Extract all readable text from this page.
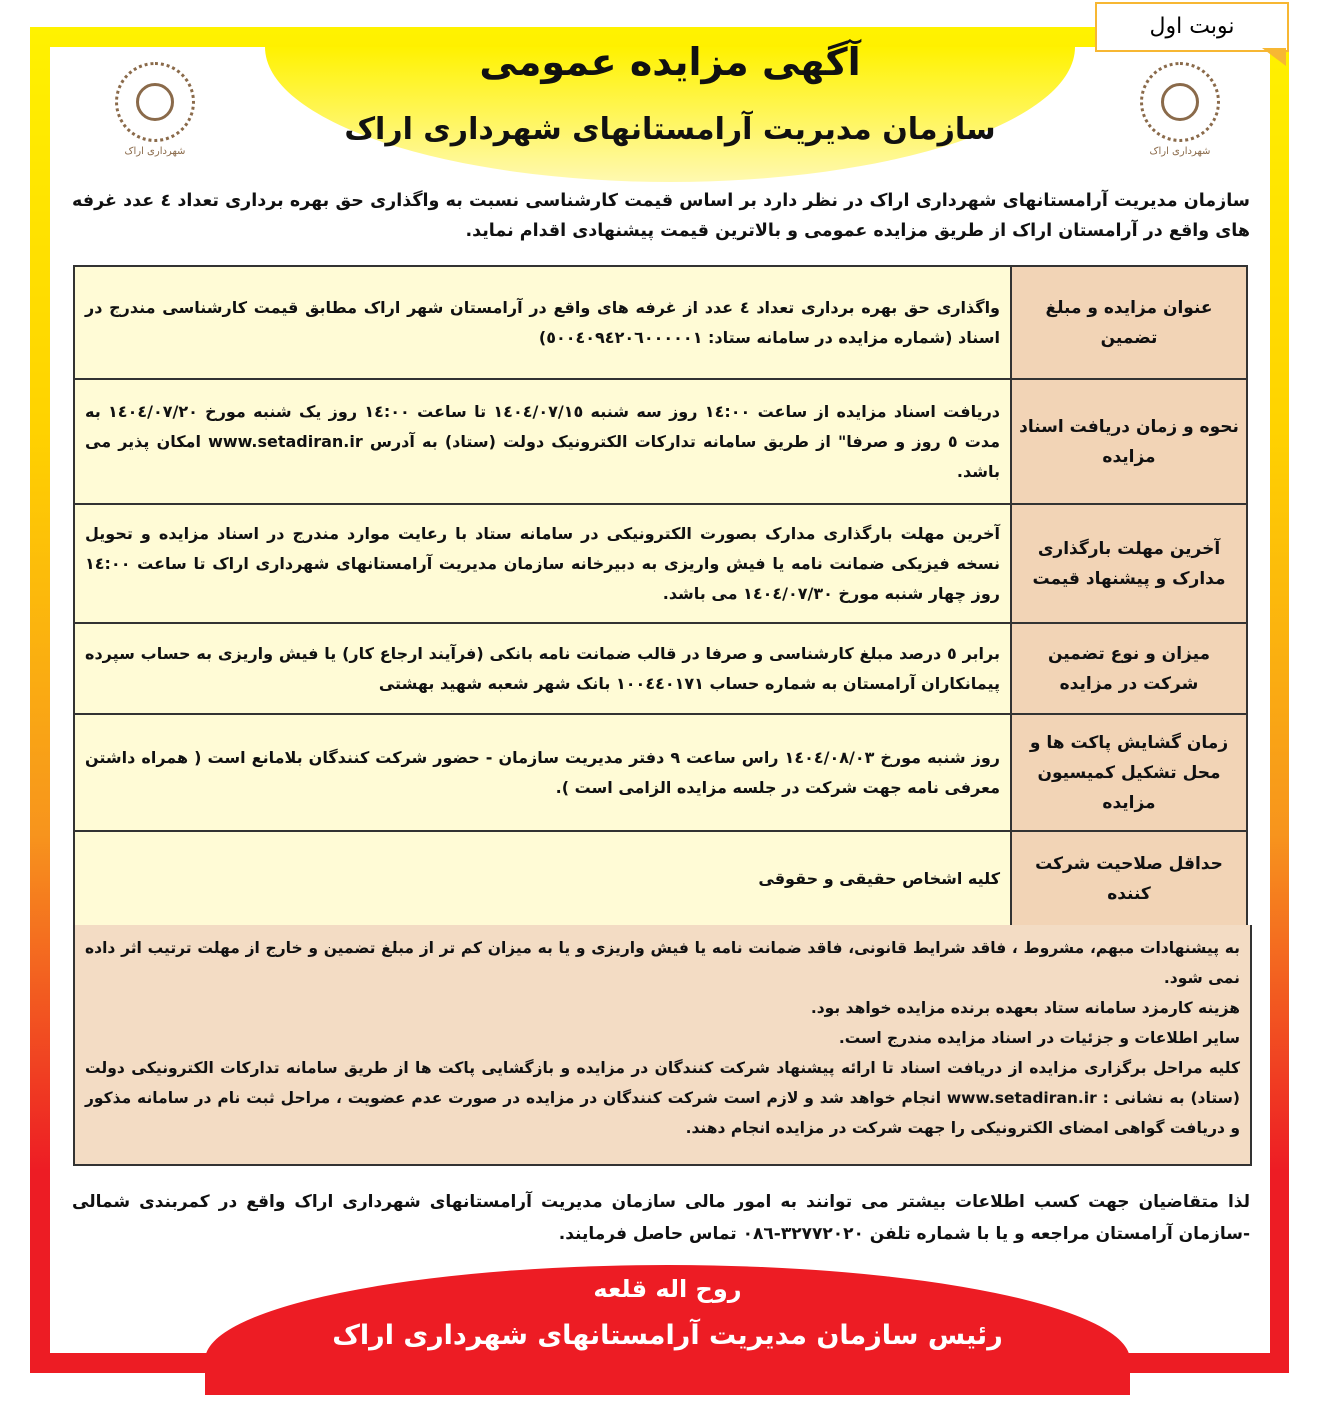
نوبت اول
شهرداری اراک	شهرداری اراک
آگهی مزایده عمومی
سازمان مدیریت آرامستانهای شهرداری اراک
سازمان مدیریت آرامستانهای شهرداری اراک در نظر دارد بر اساس قیمت کارشناسی نسبت به واگذاری حق بهره برداری تعداد ٤ عدد غرفه های واقع در آرامستان اراک از طریق مزایده عمومی و بالاترین قیمت پیشنهادی اقدام نماید.
عنوان مزایده و مبلغ تضمین	واگذاری حق بهره برداری تعداد ٤ عدد از غرفه های واقع در آرامستان شهر اراک مطابق قیمت کارشناسی مندرج در اسناد (شماره مزایده در سامانه ستاد: ٥٠٠٤٠٩٤٢٠٦٠٠٠٠٠١)
نحوه و زمان دریافت اسناد مزایده	دریافت اسناد مزایده از ساعت ١٤:٠٠ روز سه شنبه ١٤٠٤/٠٧/١٥ تا ساعت ١٤:٠٠ روز یک شنبه مورخ ١٤٠٤/٠٧/٢٠ به مدت ٥ روز و صرفا" از طریق سامانه تدارکات الکترونیک دولت (ستاد) به آدرس www.setadiran.ir امکان پذیر می باشد.
آخرین مهلت بارگذاری مدارک و پیشنهاد قیمت	آخرین مهلت بارگذاری مدارک بصورت الکترونیکی در سامانه ستاد با رعایت موارد مندرج در اسناد مزایده و تحویل نسخه فیزیکی ضمانت نامه یا فیش واریزی به دبیرخانه سازمان مدیریت آرامستانهای شهرداری اراک تا ساعت ١٤:٠٠ روز چهار شنبه مورخ ١٤٠٤/٠٧/٣٠ می باشد.
میزان و نوع تضمین شرکت در مزایده	برابر ٥ درصد مبلغ کارشناسی و صرفا در قالب ضمانت نامه بانکی (فرآیند ارجاع کار) یا فیش واریزی به حساب سپرده پیمانکاران آرامستان به شماره حساب ١٠٠٤٤٠١٧١ بانک شهر شعبه شهید بهشتی
زمان گشایش پاکت ها و محل تشکیل کمیسیون مزایده	روز شنبه مورخ ١٤٠٤/٠٨/٠٣ راس ساعت ٩ دفتر مدیریت سازمان - حضور شرکت کنندگان بلامانع است ( همراه داشتن معرفی نامه جهت شرکت در جلسه مزایده الزامی است ).
حداقل صلاحیت شرکت کننده	کلیه اشخاص حقیقی و حقوقی

به پیشنهادات مبهم، مشروط ، فاقد شرایط قانونی، فاقد ضمانت نامه یا فیش واریزی و یا به میزان کم تر از مبلغ تضمین و خارج از مهلت ترتیب اثر داده نمی شود.

هزینه کارمزد سامانه ستاد بعهده برنده مزایده خواهد بود.

سایر اطلاعات و جزئیات در اسناد مزایده مندرج است.

کلیه مراحل برگزاری مزایده از دریافت اسناد تا ارائه پیشنهاد شرکت کنندگان در مزایده و بازگشایی پاکت ها از طریق سامانه تدارکات الکترونیکی دولت (ستاد) به نشانی : www.setadiran.ir انجام خواهد شد و لازم است شرکت کنندگان در مزایده در صورت عدم عضویت ، مراحل ثبت نام در سامانه مذکور و دریافت گواهی امضای الکترونیکی را جهت شرکت در مزایده انجام دهند.

لذا متقاضیان جهت کسب اطلاعات بیشتر می توانند به امور مالی سازمان مدیریت آرامستانهای شهرداری اراک واقع در کمربندی شمالی -سازمان آرامستان مراجعه و یا با شماره تلفن ٣٢٧٧٢٠٢٠-٠٨٦ تماس حاصل فرمایند.
روح اله قلعه
رئیس سازمان مدیریت آرامستانهای شهرداری اراک
